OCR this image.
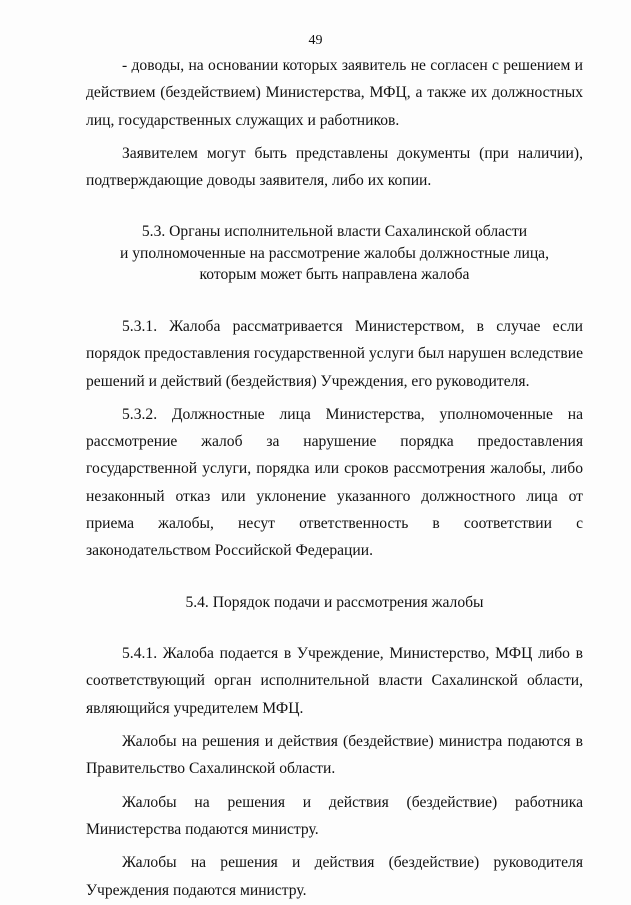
49

- доводы, на основании которых заявитель не согласен с решением и действием (бездействием) Министерства, МФЦ, а также их должностных лиц, государственных служащих и работников.

Заявителем могут быть представлены документы (при наличии), подтверждающие доводы заявителя, либо их копии.

5.3. Органы исполнительной власти Сахалинской области
и уполномоченные на рассмотрение жалобы должностные лица,
которым может быть направлена жалоба

5.3.1. Жалоба рассматривается Министерством, в случае если порядок предоставления государственной услуги был нарушен вследствие решений и действий (бездействия) Учреждения, его руководителя.

5.3.2. Должностные лица Министерства, уполномоченные на рассмотрение жалоб за нарушение порядка предоставления государственной услуги, порядка или сроков рассмотрения жалобы, либо незаконный отказ или уклонение указанного должностного лица от приема жалобы, несут ответственность в соответствии с законодательством Российской Федерации.

5.4. Порядок подачи и рассмотрения жалобы

5.4.1. Жалоба подается в Учреждение, Министерство, МФЦ либо в соответствующий орган исполнительной власти Сахалинской области, являющийся учредителем МФЦ.

Жалобы на решения и действия (бездействие) министра подаются в Правительство Сахалинской области.

Жалобы на решения и действия (бездействие) работника Министерства подаются министру.

Жалобы на решения и действия (бездействие) руководителя Учреждения подаются министру.
